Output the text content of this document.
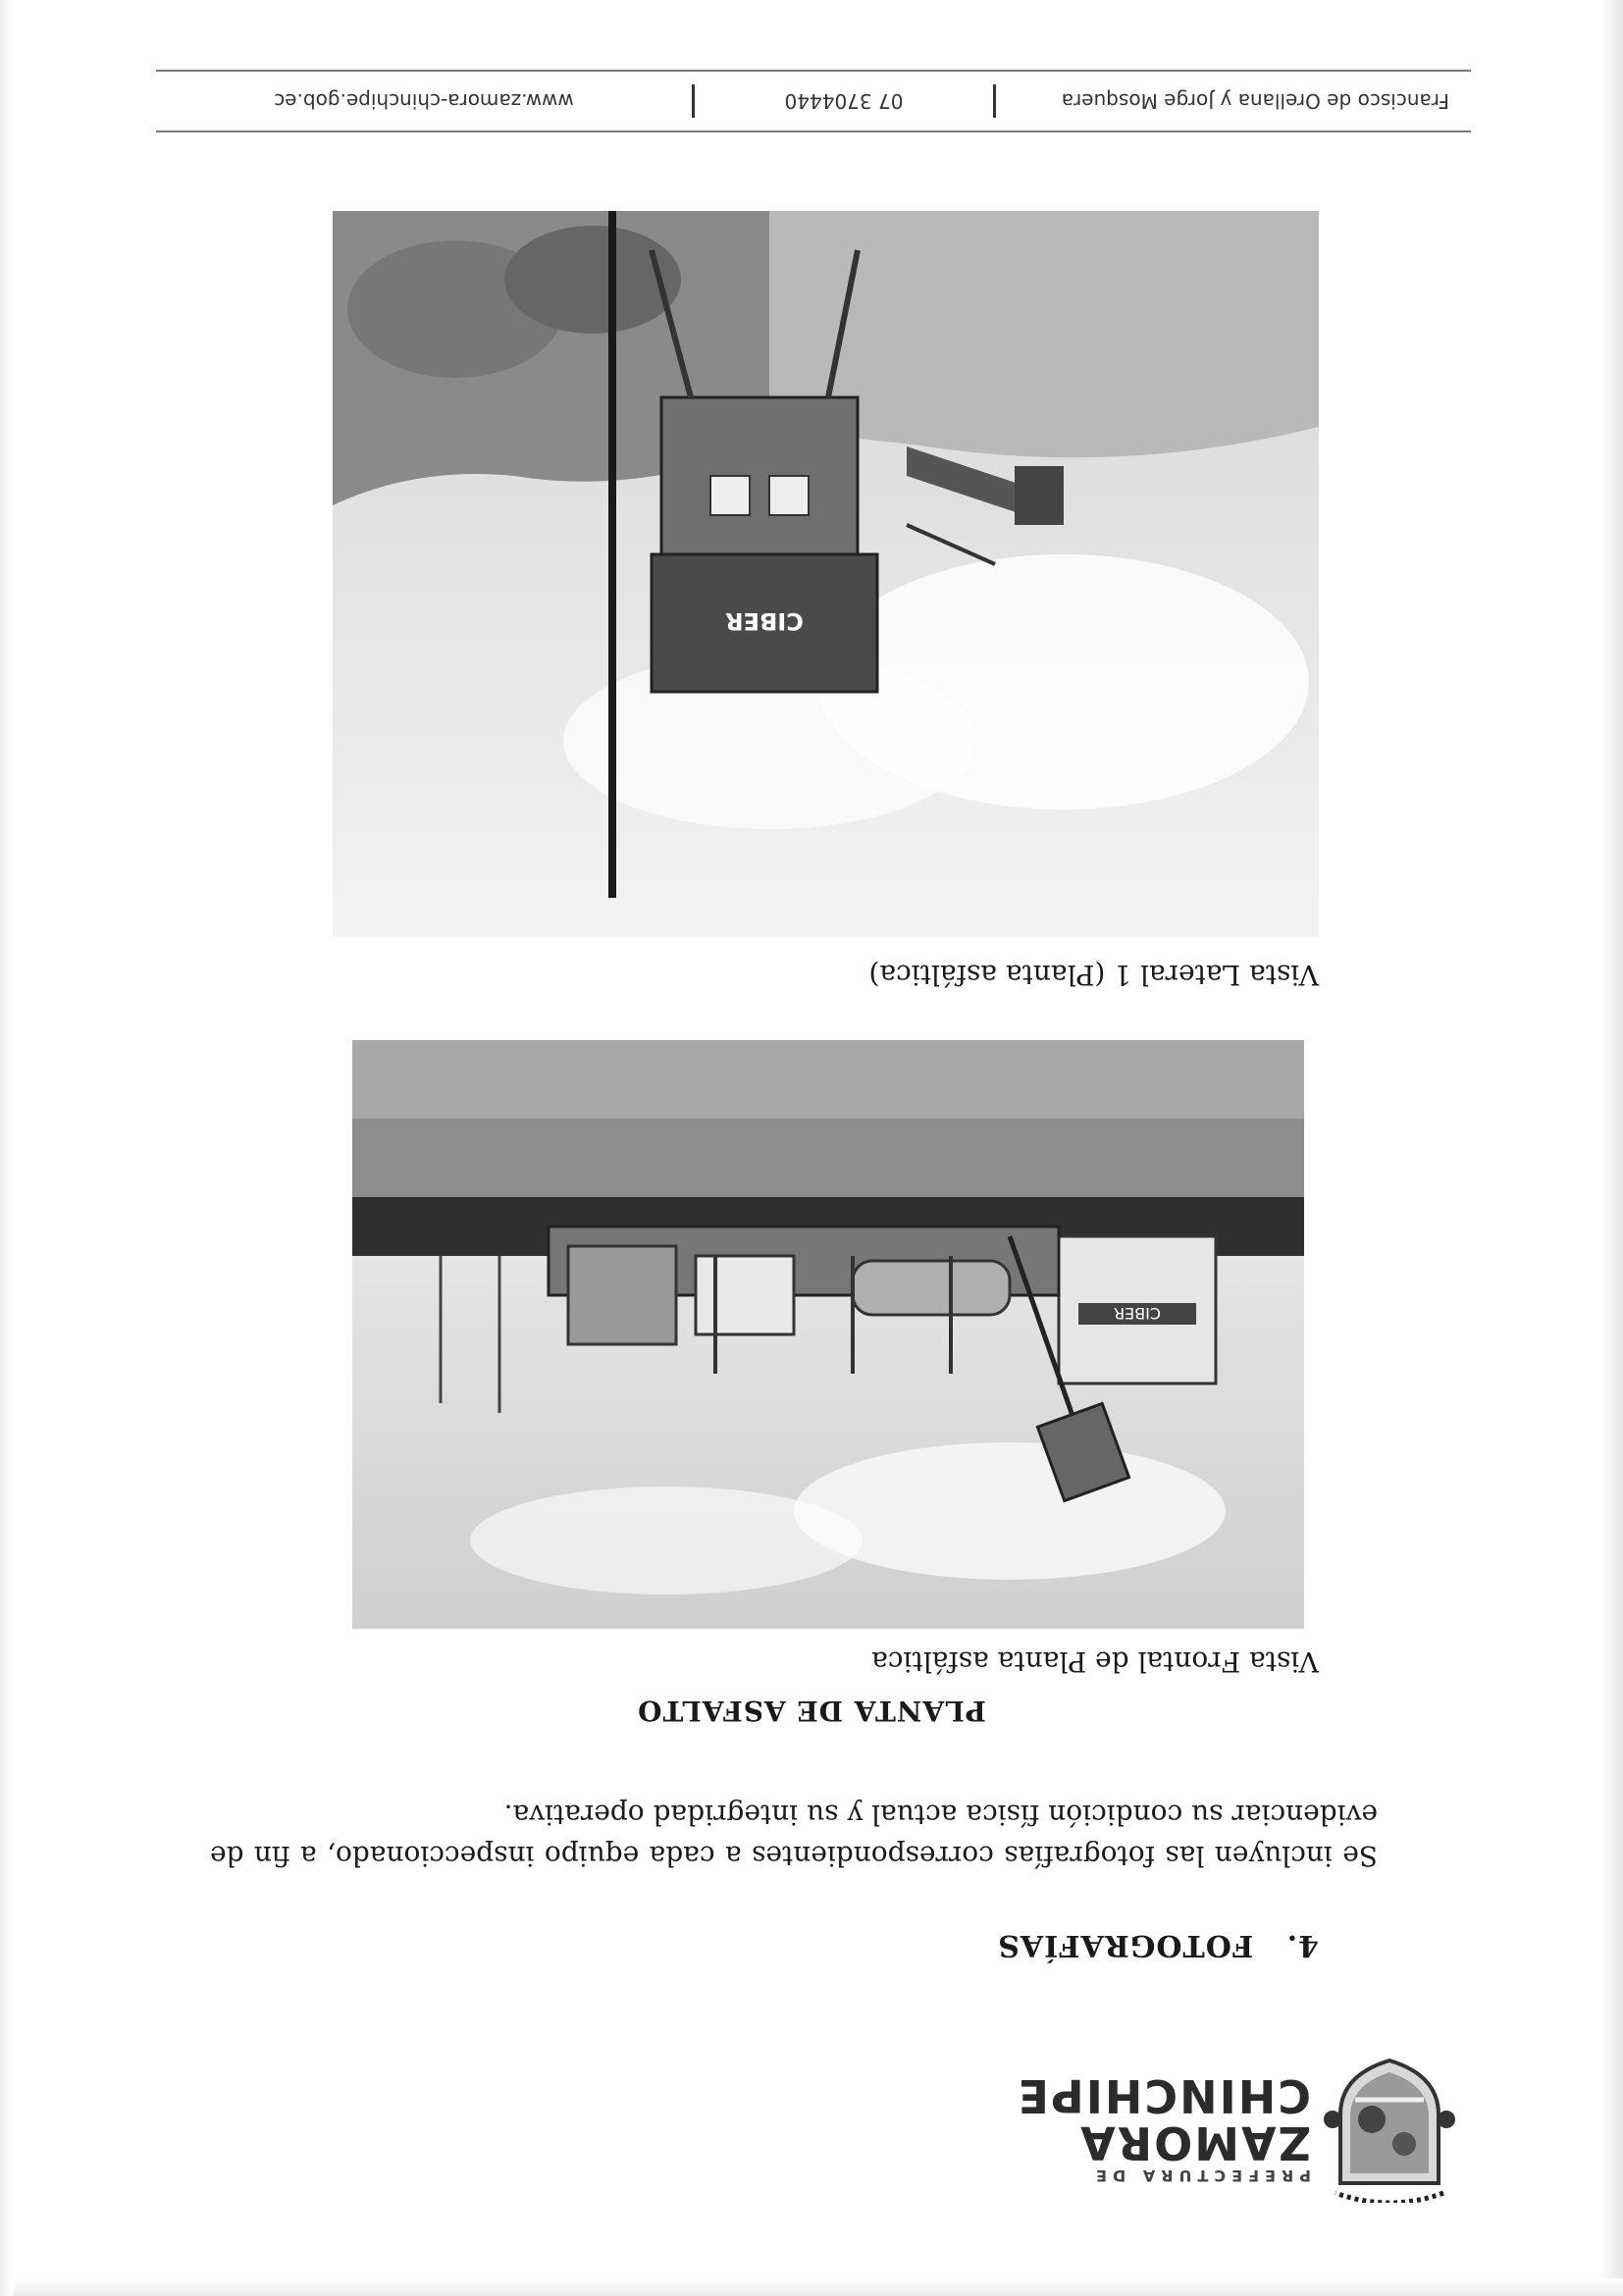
PREFECTURA DE
ZAMORA
CHINCHIPE
4. FOTOGRAFÍAS

Se incluyen las fotografías correspondientes a cada equipo inspeccionado, a fin de evidenciar su condición física actual y su integridad operativa.

PLANTA DE ASFALTO
Vista Frontal de Planta asfáltica
CIBER
Vista Lateral 1 (Planta asfáltica)
CIBER
Francisco de Orellana y Jorge Mosquera
07 3704440
www.zamora-chinchipe.gob.ec
